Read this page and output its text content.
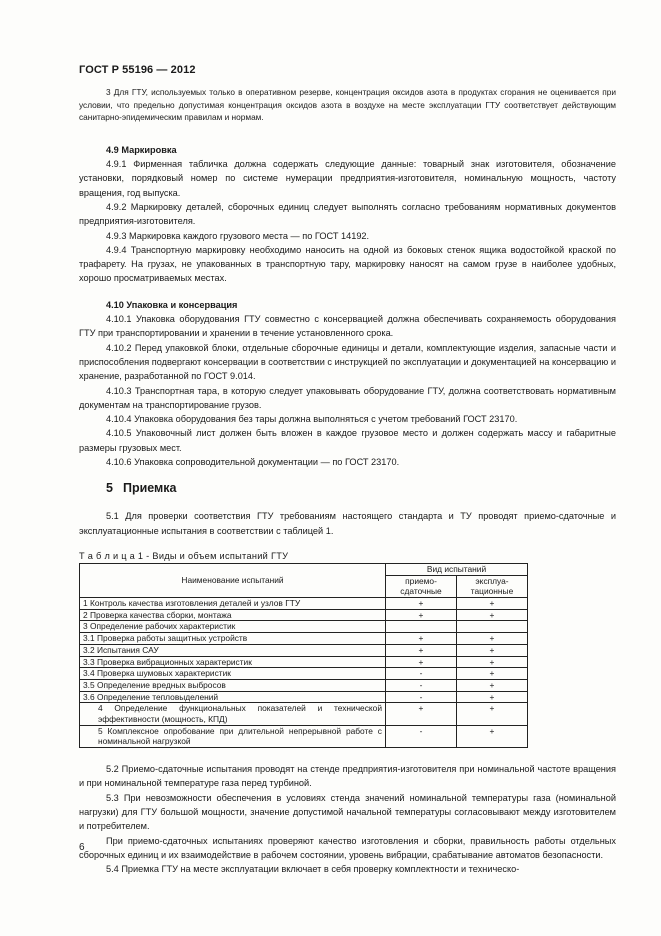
ГОСТ Р 55196 — 2012

3 Для ГТУ, используемых только в оперативном резерве, концентрация оксидов азота в продуктах сгорания не оценивается при условии, что предельно допустимая концентрация оксидов азота в воздухе на месте эксплуатации ГТУ соответствует действующим санитарно-эпидемическим правилам и нормам.

4.9 Маркировка

4.9.1 Фирменная табличка должна содержать следующие данные: товарный знак изготовителя, обозначение установки, порядковый номер по системе нумерации предприятия-изготовителя, номинальную мощность, частоту вращения, год выпуска.

4.9.2 Маркировку деталей, сборочных единиц следует выполнять согласно требованиям нормативных документов предприятия-изготовителя.

4.9.3 Маркировка каждого грузового места — по ГОСТ 14192.

4.9.4 Транспортную маркировку необходимо наносить на одной из боковых стенок ящика водостойкой краской по трафарету. На грузах, не упакованных в транспортную тару, маркировку наносят на самом грузе в наиболее удобных, хорошо просматриваемых местах.

4.10 Упаковка и консервация

4.10.1 Упаковка оборудования ГТУ совместно с консервацией должна обеспечивать сохраняемость оборудования ГТУ при транспортировании и хранении в течение установленного срока.

4.10.2 Перед упаковкой блоки, отдельные сборочные единицы и детали, комплектующие изделия, запасные части и приспособления подвергают консервации в соответствии с инструкцией по эксплуатации и документацией на консервацию и хранение, разработанной по ГОСТ 9.014.

4.10.3 Транспортная тара, в которую следует упаковывать оборудование ГТУ, должна соответствовать нормативным документам на транспортирование грузов.

4.10.4 Упаковка оборудования без тары должна выполняться с учетом требований ГОСТ 23170.

4.10.5 Упаковочный лист должен быть вложен в каждое грузовое место и должен содержать массу и габаритные размеры грузовых мест.

4.10.6 Упаковка сопроводительной документации — по ГОСТ 23170.

5 Приемка

5.1 Для проверки соответствия ГТУ требованиям настоящего стандарта и ТУ проводят приемо-сдаточные и эксплуатационные испытания в соответствии с таблицей 1.

Т а б л и ц а 1 - Виды и объем испытаний ГТУ
Наименование испытаний	Вид испытаний	
	приемо-сдаточные	эксплуа-тационные
1 Контроль качества изготовления деталей и узлов ГТУ	+	+
2 Проверка качества сборки, монтажа	+	+
3 Определение рабочих характеристик		
3.1 Проверка работы защитных устройств	+	+
3.2 Испытания САУ	+	+
3.3 Проверка вибрационных характеристик	+	+
3.4 Проверка шумовых характеристик	-	+
3.5 Определение вредных выбросов	-	+
3.6 Определение тепловыделений	-	+
4 Определение функциональных показателей и технической эффективности (мощность, КПД)	+	+
5 Комплексное опробование при длительной непрерывной работе с номинальной нагрузкой	-	+

5.2 Приемо-сдаточные испытания проводят на стенде предприятия-изготовителя при номинальной частоте вращения и при номинальной температуре газа перед турбиной.

5.3 При невозможности обеспечения в условиях стенда значений номинальной температуры газа (номинальной нагрузки) для ГТУ большой мощности, значение допустимой начальной температуры согласовывают между изготовителем и потребителем.

При приемо-сдаточных испытаниях проверяют качество изготовления и сборки, правильность работы отдельных сборочных единиц и их взаимодействие в рабочем состоянии, уровень вибрации, срабатывание автоматов безопасности.

5.4 Приемка ГТУ на месте эксплуатации включает в себя проверку комплектности и техническо-

6
